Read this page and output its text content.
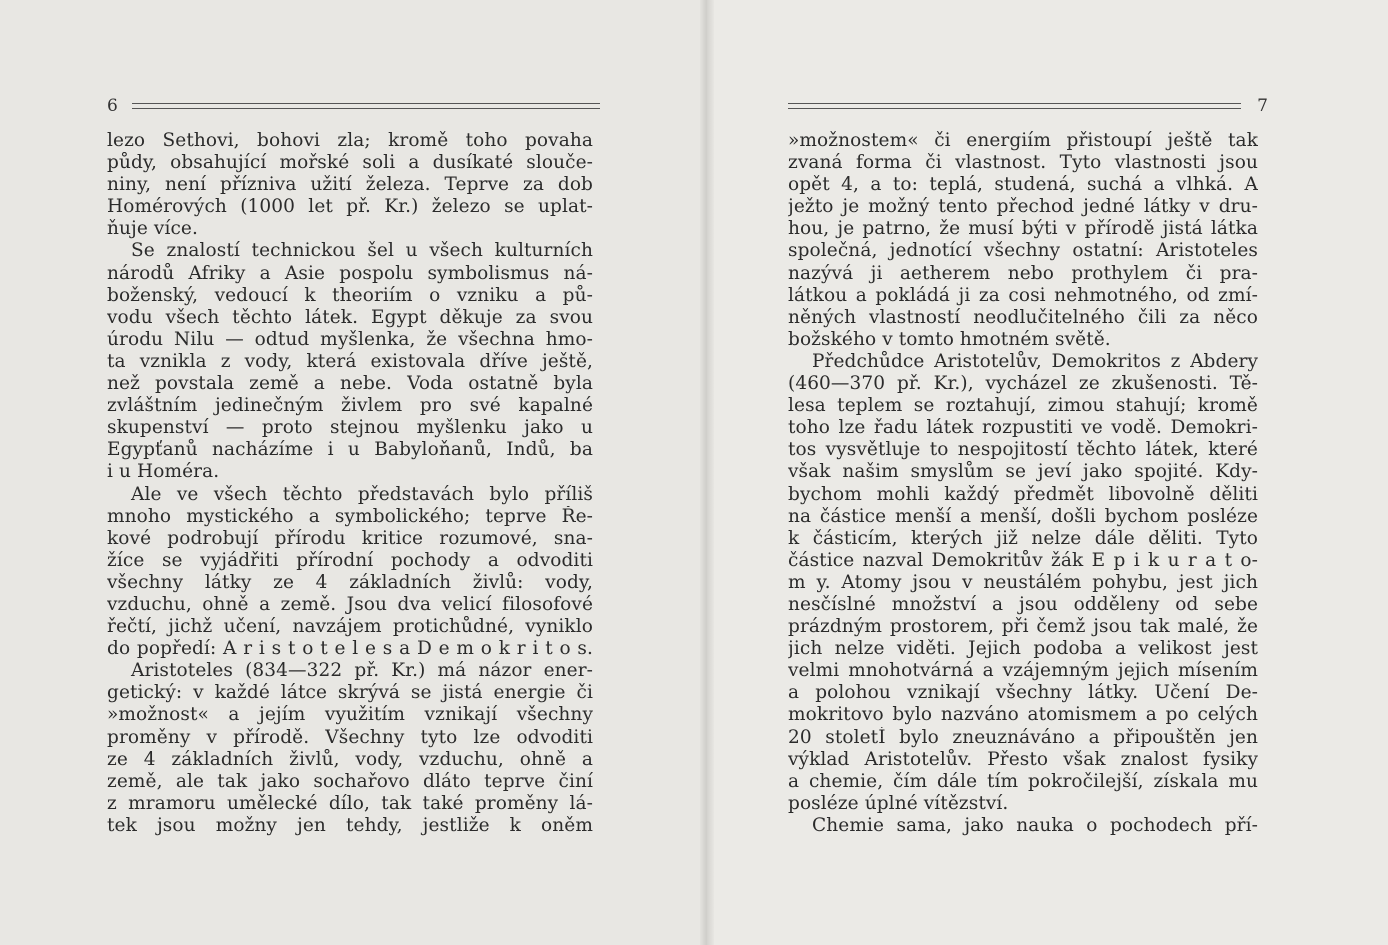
6
lezo Sethovi, bohovi zla; kromě toho povaha
půdy, obsahující mořské soli a dusíkaté slouče-
niny, není přízniva užití železa. Teprve za dob
Homérových (1000 let př. Kr.) železo se uplat-
ňuje více.
Se znalostí technickou šel u všech kulturních
národů Afriky a Asie pospolu symbolismus ná-
boženský, vedoucí k theoriím o vzniku a pů-
vodu všech těchto látek. Egypt děkuje za svou
úrodu Nilu — odtud myšlenka, že všechna hmo-
ta vznikla z vody, která existovala dříve ještě,
než povstala země a nebe. Voda ostatně byla
zvláštním jedinečným živlem pro své kapalné
skupenství — proto stejnou myšlenku jako u
Egypťanů nacházíme i u Babyloňanů, Indů, ba
i u Homéra.
Ale ve všech těchto představách bylo příliš
mnoho mystického a symbolického; teprve Ře-
kové podrobují přírodu kritice rozumové, sna-
žíce se vyjádřiti přírodní pochody a odvoditi
všechny látky ze 4 základních živlů: vody,
vzduchu, ohně a země. Jsou dva velicí filosofové
řečtí, jichž učení, navzájem protichůdné, vyniklo
do popředí: A r i s t o t e l e s a D e m o k r i t o s.
Aristoteles (834—322 př. Kr.) má názor ener-
getický: v každé látce skrývá se jistá energie či
»možnost« a jejím využitím vznikají všechny
proměny v přírodě. Všechny tyto lze odvoditi
ze 4 základních živlů, vody, vzduchu, ohně a
země, ale tak jako sochařovo dláto teprve činí
z mramoru umělecké dílo, tak také proměny lá-
tek jsou možny jen tehdy, jestliže k oněm
7
»možnostem« či energiím přistoupí ještě tak
zvaná forma či vlastnost. Tyto vlastnosti jsou
opět 4, a to: teplá, studená, suchá a vlhká. A
ježto je možný tento přechod jedné látky v dru-
hou, je patrno, že musí býti v přírodě jistá látka
společná, jednotící všechny ostatní: Aristoteles
nazývá ji aetherem nebo prothylem či pra-
látkou a pokládá ji za cosi nehmotného, od zmí-
něných vlastností neodlučitelného čili za něco
božského v tomto hmotném světě.
Předchůdce Aristotelův, Demokritos z Abdery
(460—370 př. Kr.), vycházel ze zkušenosti. Tě-
lesa teplem se roztahují, zimou stahují; kromě
toho lze řadu látek rozpustiti ve vodě. Demokri-
tos vysvětluje to nespojitostí těchto látek, které
však našim smyslům se jeví jako spojité. Kdy-
bychom mohli každý předmět libovolně děliti
na částice menší a menší, došli bychom posléze
k částicím, kterých již nelze dále děliti. Tyto
částice nazval Demokritův žák E p i k u r a t o-
m y. Atomy jsou v neustálém pohybu, jest jich
nesčíslné množství a jsou odděleny od sebe
prázdným prostorem, při čemž jsou tak malé, že
jich nelze viděti. Jejich podoba a velikost jest
velmi mnohotvárná a vzájemným jejich mísením
a polohou vznikají všechny látky. Učení De-
mokritovo bylo nazváno atomismem a po celých
20 stoletÍ bylo zneuznáváno a připouštěn jen
výklad Aristotelův. Přesto však znalost fysiky
a chemie, čím dále tím pokročilejší, získala mu
posléze úplné vítězství.
Chemie sama, jako nauka o pochodech pří-
